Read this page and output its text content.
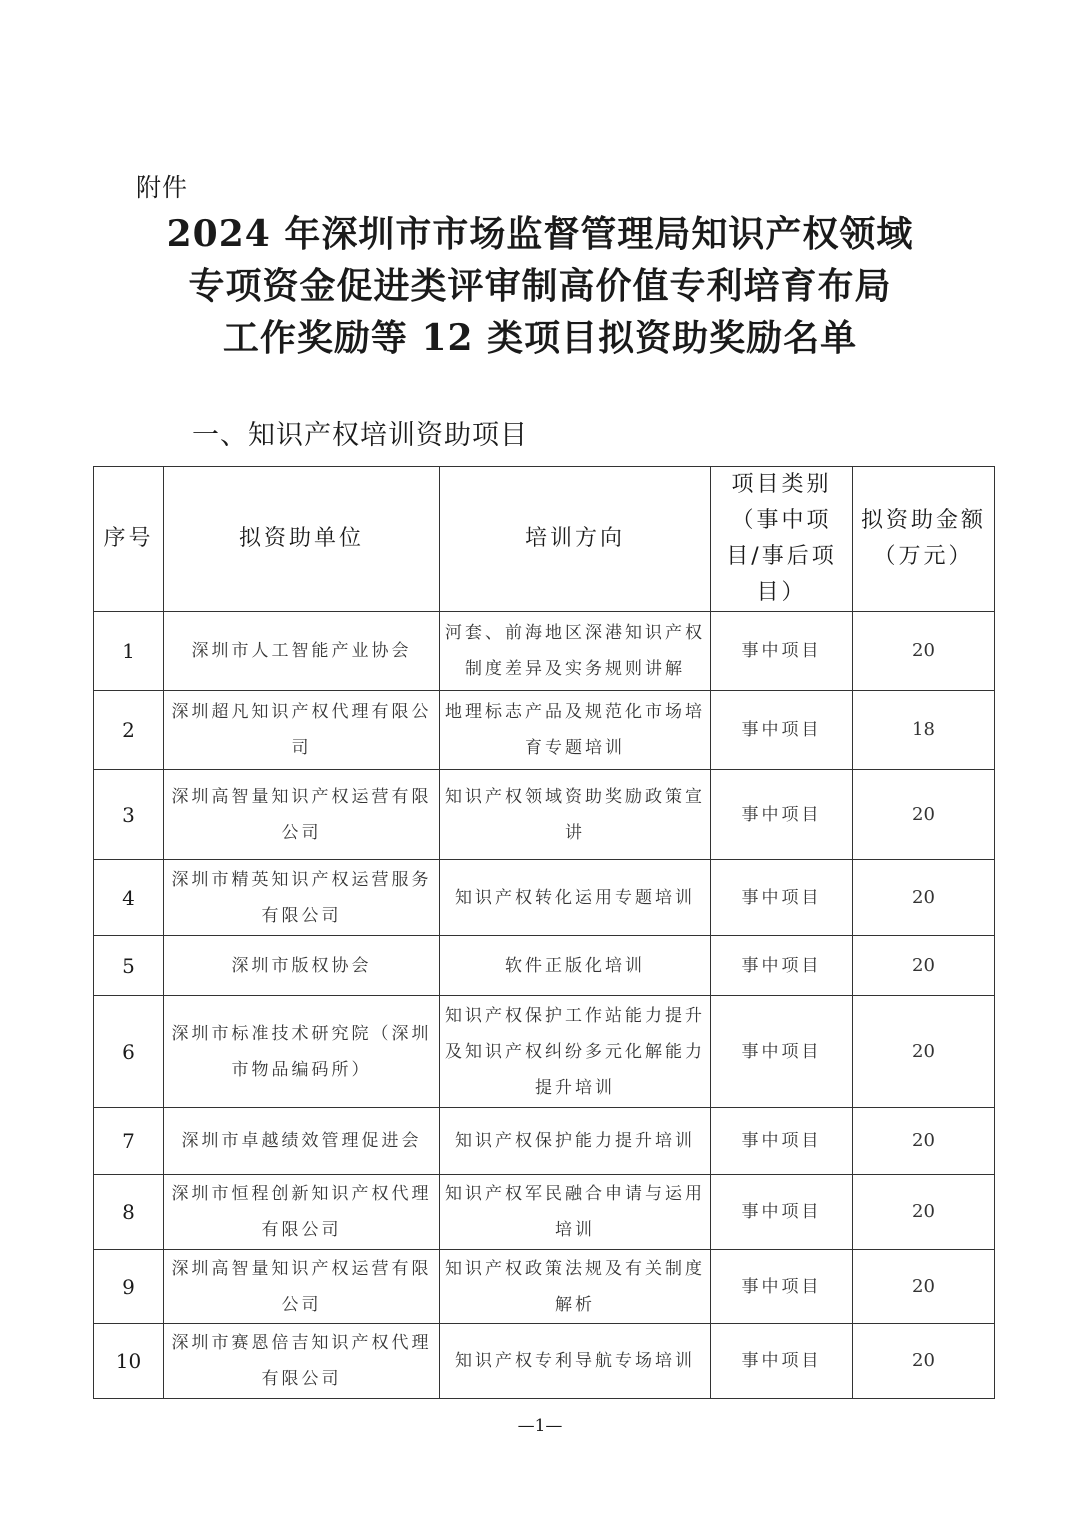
附件
2024 年深圳市市场监督管理局知识产权领域
专项资金促进类评审制高价值专利培育布局
工作奖励等 12 类项目拟资助奖励名单
一、知识产权培训资助项目
序号	拟资助单位	培训方向	项目类别（事中项目/事后项目）	拟资助金额（万元）
1	深圳市人工智能产业协会	河套、前海地区深港知识产权制度差异及实务规则讲解	事中项目	20
2	深圳超凡知识产权代理有限公司	地理标志产品及规范化市场培育专题培训	事中项目	18
3	深圳高智量知识产权运营有限公司	知识产权领域资助奖励政策宣讲	事中项目	20
4	深圳市精英知识产权运营服务有限公司	知识产权转化运用专题培训	事中项目	20
5	深圳市版权协会	软件正版化培训	事中项目	20
6	深圳市标准技术研究院（深圳市物品编码所）	知识产权保护工作站能力提升及知识产权纠纷多元化解能力提升培训	事中项目	20
7	深圳市卓越绩效管理促进会	知识产权保护能力提升培训	事中项目	20
8	深圳市恒程创新知识产权代理有限公司	知识产权军民融合申请与运用培训	事中项目	20
9	深圳高智量知识产权运营有限公司	知识产权政策法规及有关制度解析	事中项目	20
10	深圳市赛恩倍吉知识产权代理有限公司	知识产权专利导航专场培训	事中项目	20
—1—
